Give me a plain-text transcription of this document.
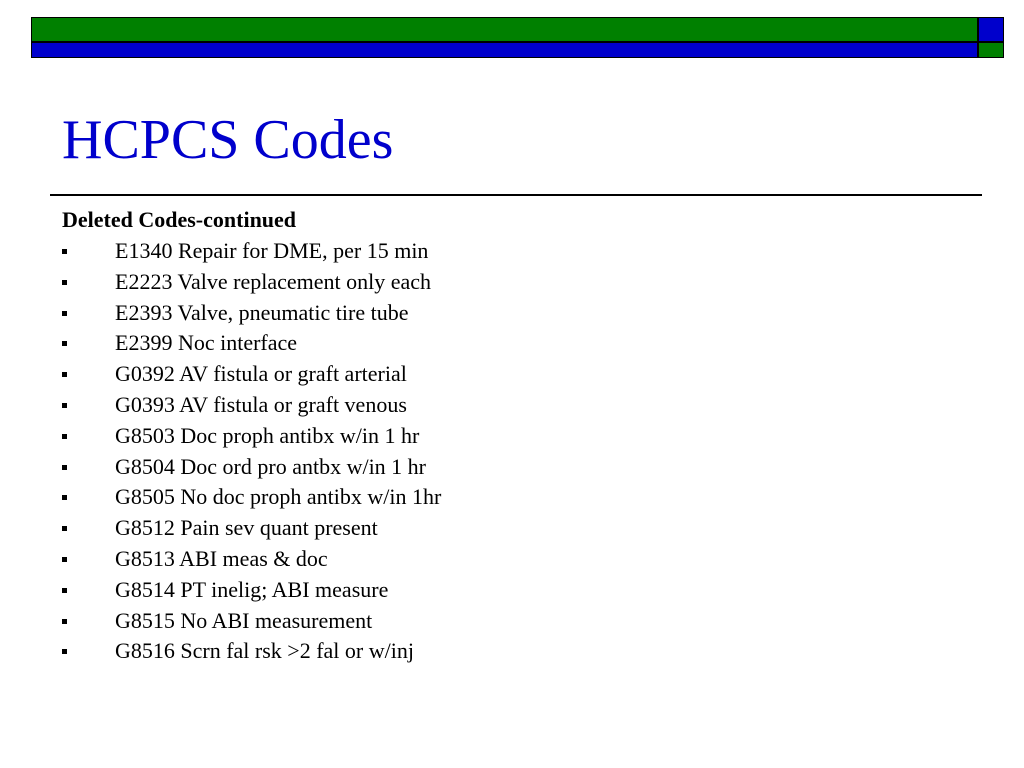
HCPCS Codes
Deleted Codes-continued
E1340 Repair for DME, per 15 min
E2223 Valve replacement only each
E2393 Valve, pneumatic tire tube
E2399 Noc interface
G0392 AV fistula or graft arterial
G0393 AV fistula or graft venous
G8503 Doc proph antibx w/in 1 hr
G8504 Doc ord pro antbx w/in 1 hr
G8505 No doc proph antibx w/in 1hr
G8512 Pain sev quant present
G8513 ABI meas & doc
G8514 PT inelig; ABI measure
G8515 No ABI measurement
G8516 Scrn fal rsk >2 fal or w/inj
